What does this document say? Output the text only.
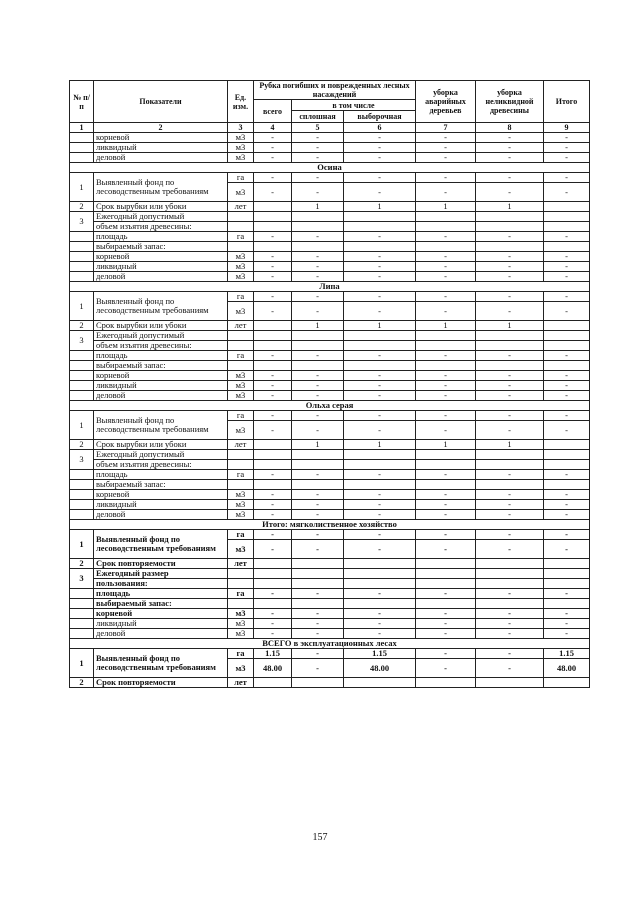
№ п/п	Показатели	Ед. изм.	Рубка погибших и поврежденных лесных насаждений			уборка аварийных деревьев	уборка неликвидной древесины	Итого
			всего	в том числе				
				сплошная	выборочная			
1	2	3	4	5	6	7	8	9
	корневой	м3	-	-	-	-	-	-
	ликвидный	м3	-	-	-	-	-	-
	деловой	м3	-	-	-	-	-	-
Осина								
1	Выявленный фонд по лесоводственным требованиям	га	-	-	-	-	-	-
		м3	-	-	-	-	-	-
2	Срок вырубки или убоки	лет		1	1	1	1	
3	Ежегодный допустимый							
	объем изъятия древесины:							
	площадь	га	-	-	-	-	-	-
	выбираемый запас:							
	корневой	м3	-	-	-	-	-	-
	ликвидный	м3	-	-	-	-	-	-
	деловой	м3	-	-	-	-	-	-
Липа								
1	Выявленный фонд по лесоводственным требованиям	га	-	-	-	-	-	-
		м3	-	-	-	-	-	-
2	Срок вырубки или убоки	лет		1	1	1	1	
3	Ежегодный допустимый							
	объем изъятия древесины:							
	площадь	га	-	-	-	-	-	-
	выбираемый запас:							
	корневой	м3	-	-	-	-	-	-
	ликвидный	м3	-	-	-	-	-	-
	деловой	м3	-	-	-	-	-	-
Ольха серая								
1	Выявленный фонд по лесоводственным требованиям	га	-	-	-	-	-	-
		м3	-	-	-	-	-	-
2	Срок вырубки или убоки	лет		1	1	1	1	
3	Ежегодный допустимый							
	объем изъятия древесины:							
	площадь	га	-	-	-	-	-	-
	выбираемый запас:							
	корневой	м3	-	-	-	-	-	-
	ликвидный	м3	-	-	-	-	-	-
	деловой	м3	-	-	-	-	-	-
Итого: мягколиственное хозяйство								
1	Выявленный фонд по лесоводственным требованиям	га	-	-	-	-	-	-
		м3	-	-	-	-	-	-
2	Срок повторяемости	лет						
3	Ежегодный размер							
	пользования:							
	площадь	га	-	-	-	-	-	-
	выбираемый запас:							
	корневой	м3	-	-	-	-	-	-
	ликвидный	м3	-	-	-	-	-	-
	деловой	м3	-	-	-	-	-	-
ВСЕГО в эксплуатационных лесах								
1	Выявленный фонд по лесоводственным требованиям	га	1.15	-	1.15	-	-	1.15
		м3	48.00	-	48.00	-	-	48.00
2	Срок повторяемости	лет						
157
